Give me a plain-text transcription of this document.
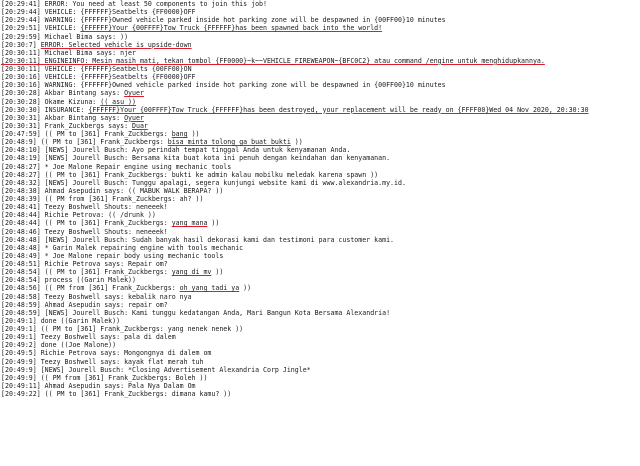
[20:29:41] ERROR: You need at least 50 components to join this job!
[20:29:44] VEHICLE: {FFFFFF}Seatbelts {FF0000}OFF
[20:29:44] WARNING: {FFFFFF}Owned vehicle parked inside hot parking zone will be despawned in {00FF00}10 minutes
[20:29:51] VEHICLE: {FFFFFF}Your {00FFFF}Tow Truck {FFFFFF}has been spawned back into the world!
[20:29:59] Michael Bima says: ))
[20:30:7] ERROR: Selected vehicle is upside-down
[20:30:11] Michael Bima says: njer
[20:30:11] ENGINEINFO: Mesin masih mati, tekan tombol {FF0000}~k~~VEHICLE_FIREWEAPON~{BFC0C2} atau command /engine untuk menghidupkannya.
[20:30:11] VEHICLE: {FFFFFF}Seatbelts {00FF00}ON
[20:30:16] VEHICLE: {FFFFFF}Seatbelts {FF0000}OFF
[20:30:16] WARNING: {FFFFFF}Owned vehicle parked inside hot parking zone will be despawned in {00FF00}10 minutes
[20:30:28] Akbar Bintang says: Oyuer
[20:30:28] Okame Kizuna: (( asu ))
[20:30:30] INSURANCE: {FFFFFF}Your {00FFFF}Tow Truck {FFFFFF}has been destroyed, your replacement will be ready on {FFFF00}Wed 04 Nov 2020, 20:30:30
[20:30:31] Akbar Bintang says: Oyuer
[20:30:31] Frank_Zuckbergs says: Duar
[20:47:59] (( PM to [361] Frank_Zuckbergs: bang ))
[20:48:9] (( PM to [361] Frank_Zuckbergs: bisa minta tolong ga buat bukti ))
[20:48:10] [NEWS] Jourell Busch: Ayo perindah tempat tinggal Anda untuk kenyamanan Anda.
[20:48:19] [NEWS] Jourell Busch: Bersama kita buat kota ini penuh dengan keindahan dan kenyamanan.
[20:48:27] * Joe Malone Repair engine using mechanic tools
[20:48:27] (( PM to [361] Frank_Zuckbergs: bukti ke admin kalau mobilku meledak karena spawn ))
[20:48:32] [NEWS] Jourell Busch: Tunggu apalagi, segera kunjungi website kami di www.alexandria.my.id.
[20:48:38] Ahmad Asepudin says: (( MABUK WALK BERAPA? ))
[20:48:39] (( PM from [361] Frank_Zuckbergs: ah? ))
[20:48:41] Teezy Boshwell Shouts: neneeek!
[20:48:44] Richie Petrova: (( /drunk ))
[20:48:44] (( PM to [361] Frank_Zuckbergs: yang mana ))
[20:48:46] Teezy Boshwell Shouts: neneeek!
[20:48:48] [NEWS] Jourell Busch: Sudah banyak hasil dekorasi kami dan testimoni para customer kami.
[20:48:48] * Garin Malek repairing engine with tools mechanic
[20:48:49] * Joe Malone repair body using mechanic tools
[20:48:51] Richie Petrova says: Repair om?
[20:48:54] (( PM to [361] Frank_Zuckbergs: yang di mv ))
[20:48:54] process ((Garin Malek))
[20:48:56] (( PM from [361] Frank_Zuckbergs: oh yang tadi ya ))
[20:48:58] Teezy Boshwell says: kebalik naro nya
[20:48:59] Ahmad Asepudin says: repair om?
[20:48:59] [NEWS] Jourell Busch: Kami tunggu kedatangan Anda, Mari Bangun Kota Bersama Alexandria!
[20:49:1] done ((Garin Malek))
[20:49:1] (( PM to [361] Frank_Zuckbergs: yang nenek nenek ))
[20:49:1] Teezy Boshwell says: pala di dalem
[20:49:2] done ((Joe Malone))
[20:49:5] Richie Petrova says: Mongongnya di dalem om
[20:49:9] Teezy Boshwell says: kayak flat merah tuh
[20:49:9] [NEWS] Jourell Busch: *Closing Advertisement Alexandria Corp Jingle*
[20:49:9] (( PM from [361] Frank_Zuckbergs: Boleh ))
[20:49:11] Ahmad Asepudin says: Pala Nya Dalam Om
[20:49:22] (( PM to [361] Frank_Zuckbergs: dimana kamu? ))
